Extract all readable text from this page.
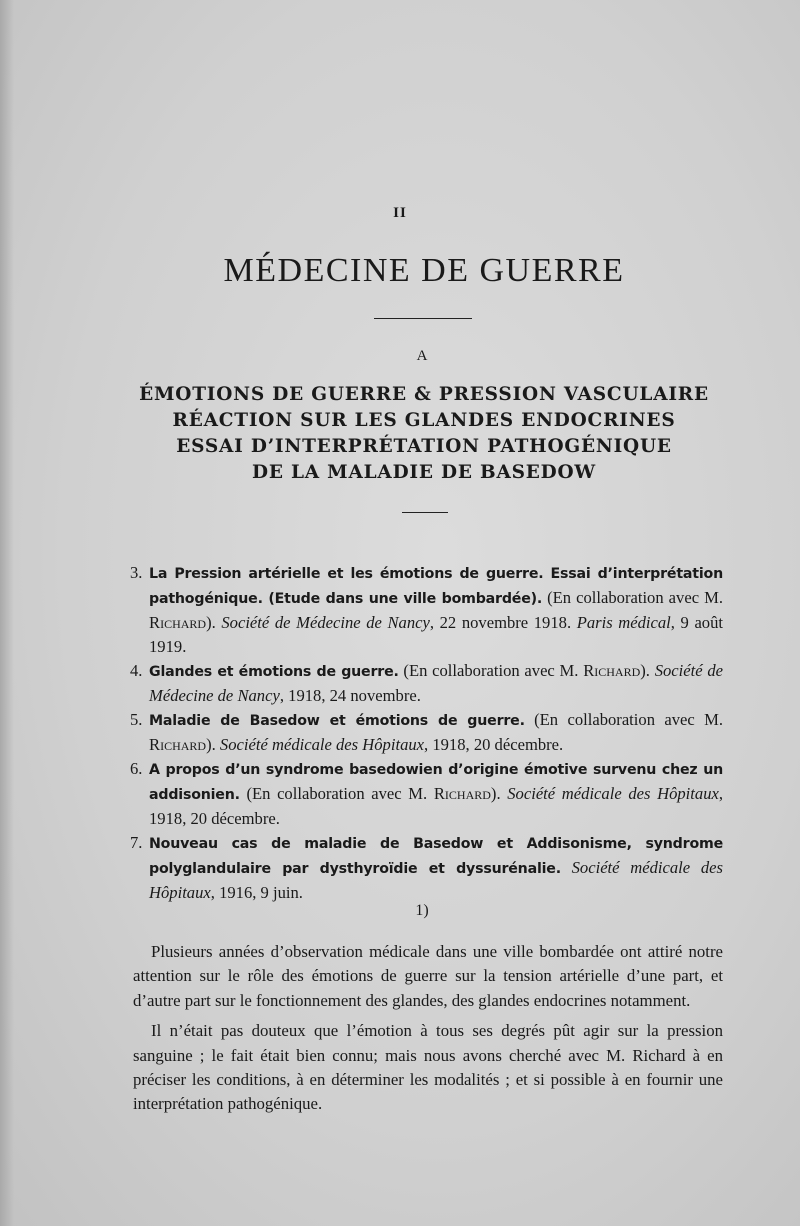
II
MÉDECINE DE GUERRE
A
ÉMOTIONS DE GUERRE & PRESSION VASCULAIRE
RÉACTION SUR LES GLANDES ENDOCRINES
ESSAI D’INTERPRÉTATION PATHOGÉNIQUE
DE LA MALADIE DE BASEDOW
3. La Pression artérielle et les émotions de guerre. Essai d’interprétation pathogénique. (Etude dans une ville bombardée). (En collaboration avec M. Richard). Société de Médecine de Nancy, 22 novembre 1918. Paris médical, 9 août 1919.
4. Glandes et émotions de guerre. (En collaboration avec M. Richard). Société de Médecine de Nancy, 1918, 24 novembre.
5. Maladie de Basedow et émotions de guerre. (En collaboration avec M. Richard). Société médicale des Hôpitaux, 1918, 20 décembre.
6. A propos d’un syndrome basedowien d’origine émotive survenu chez un addisonien. (En collaboration avec M. Richard). Société médicale des Hôpitaux, 1918, 20 décembre.
7. Nouveau cas de maladie de Basedow et Addisonisme, syndrome polyglandulaire par dysthyroïdie et dyssurénalie. Société médicale des Hôpitaux, 1916, 9 juin.
1)

Plusieurs années d’observation médicale dans une ville bombardée ont attiré notre attention sur le rôle des émotions de guerre sur la tension artérielle d’une part, et d’autre part sur le fonctionnement des glandes, des glandes endocrines notamment.

Il n’était pas douteux que l’émotion à tous ses degrés pût agir sur la pression sanguine ; le fait était bien connu; mais nous avons cherché avec M. Richard à en préciser les conditions, à en déterminer les modalités ; et si possible à en fournir une interprétation pathogénique.
